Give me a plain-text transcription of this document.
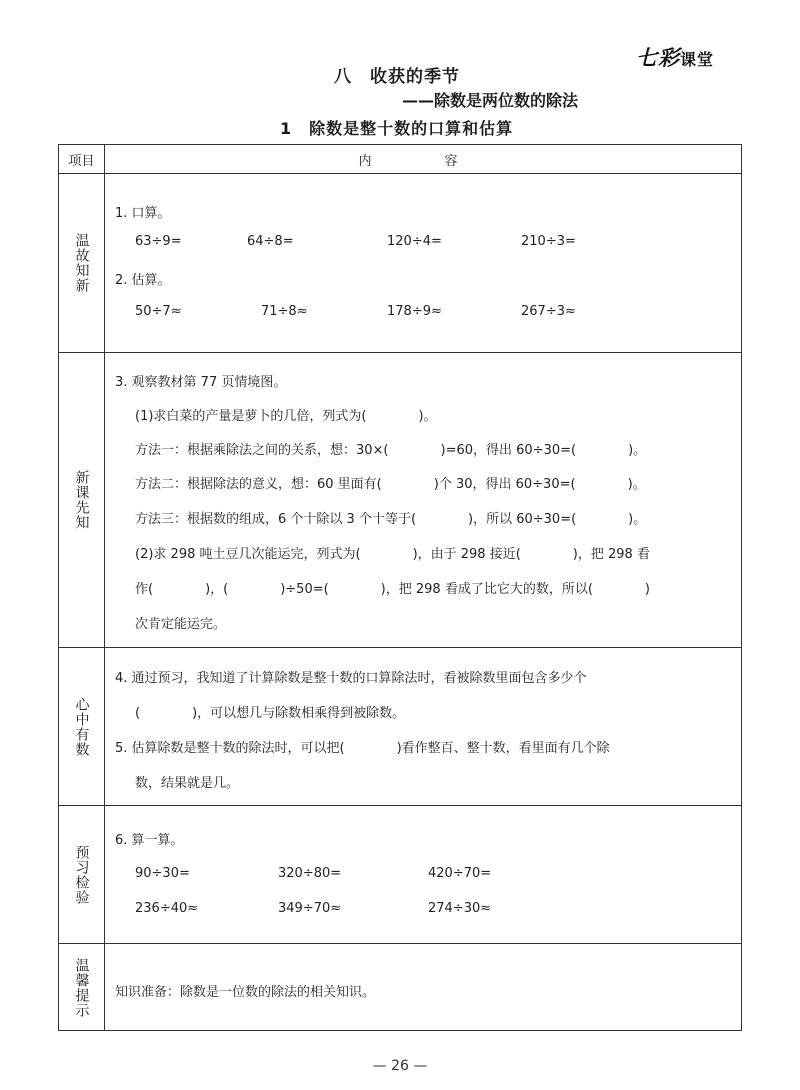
七彩课堂
八　收获的季节
——除数是两位数的除法
1　除数是整十数的口算和估算
项目	内　容
温故知新
1. 口算。
63÷9=	64÷8=	120÷4=	210÷3=
2. 估算。
50÷7≈	71÷8≈	178÷9≈	267÷3≈
新课先知
3. 观察教材第 77 页情境图。
(1)求白菜的产量是萝卜的几倍，列式为(　　　　)。
方法一：根据乘除法之间的关系，想：30×(　　　　)=60，得出 60÷30=(　　　　)。
方法二：根据除法的意义，想：60 里面有(　　　　)个 30，得出 60÷30=(　　　　)。
方法三：根据数的组成，6 个十除以 3 个十等于(　　　　)，所以 60÷30=(　　　　)。
(2)求 298 吨土豆几次能运完，列式为(　　　　)，由于 298 接近(　　　　)，把 298 看
作(　　　　)，(　　　　)÷50=(　　　　)，把 298 看成了比它大的数，所以(　　　　)
次肯定能运完。
心中有数
4. 通过预习，我知道了计算除数是整十数的口算除法时，看被除数里面包含多少个
(　　　　)，可以想几与除数相乘得到被除数。
5. 估算除数是整十数的除法时，可以把(　　　　)看作整百、整十数，看里面有几个除
数，结果就是几。
预习检验
6. 算一算。
90÷30=	320÷80=	420÷70=
236÷40≈	349÷70≈	274÷30≈
温馨提示 知识准备：除数是一位数的除法的相关知识。
— 26 —
